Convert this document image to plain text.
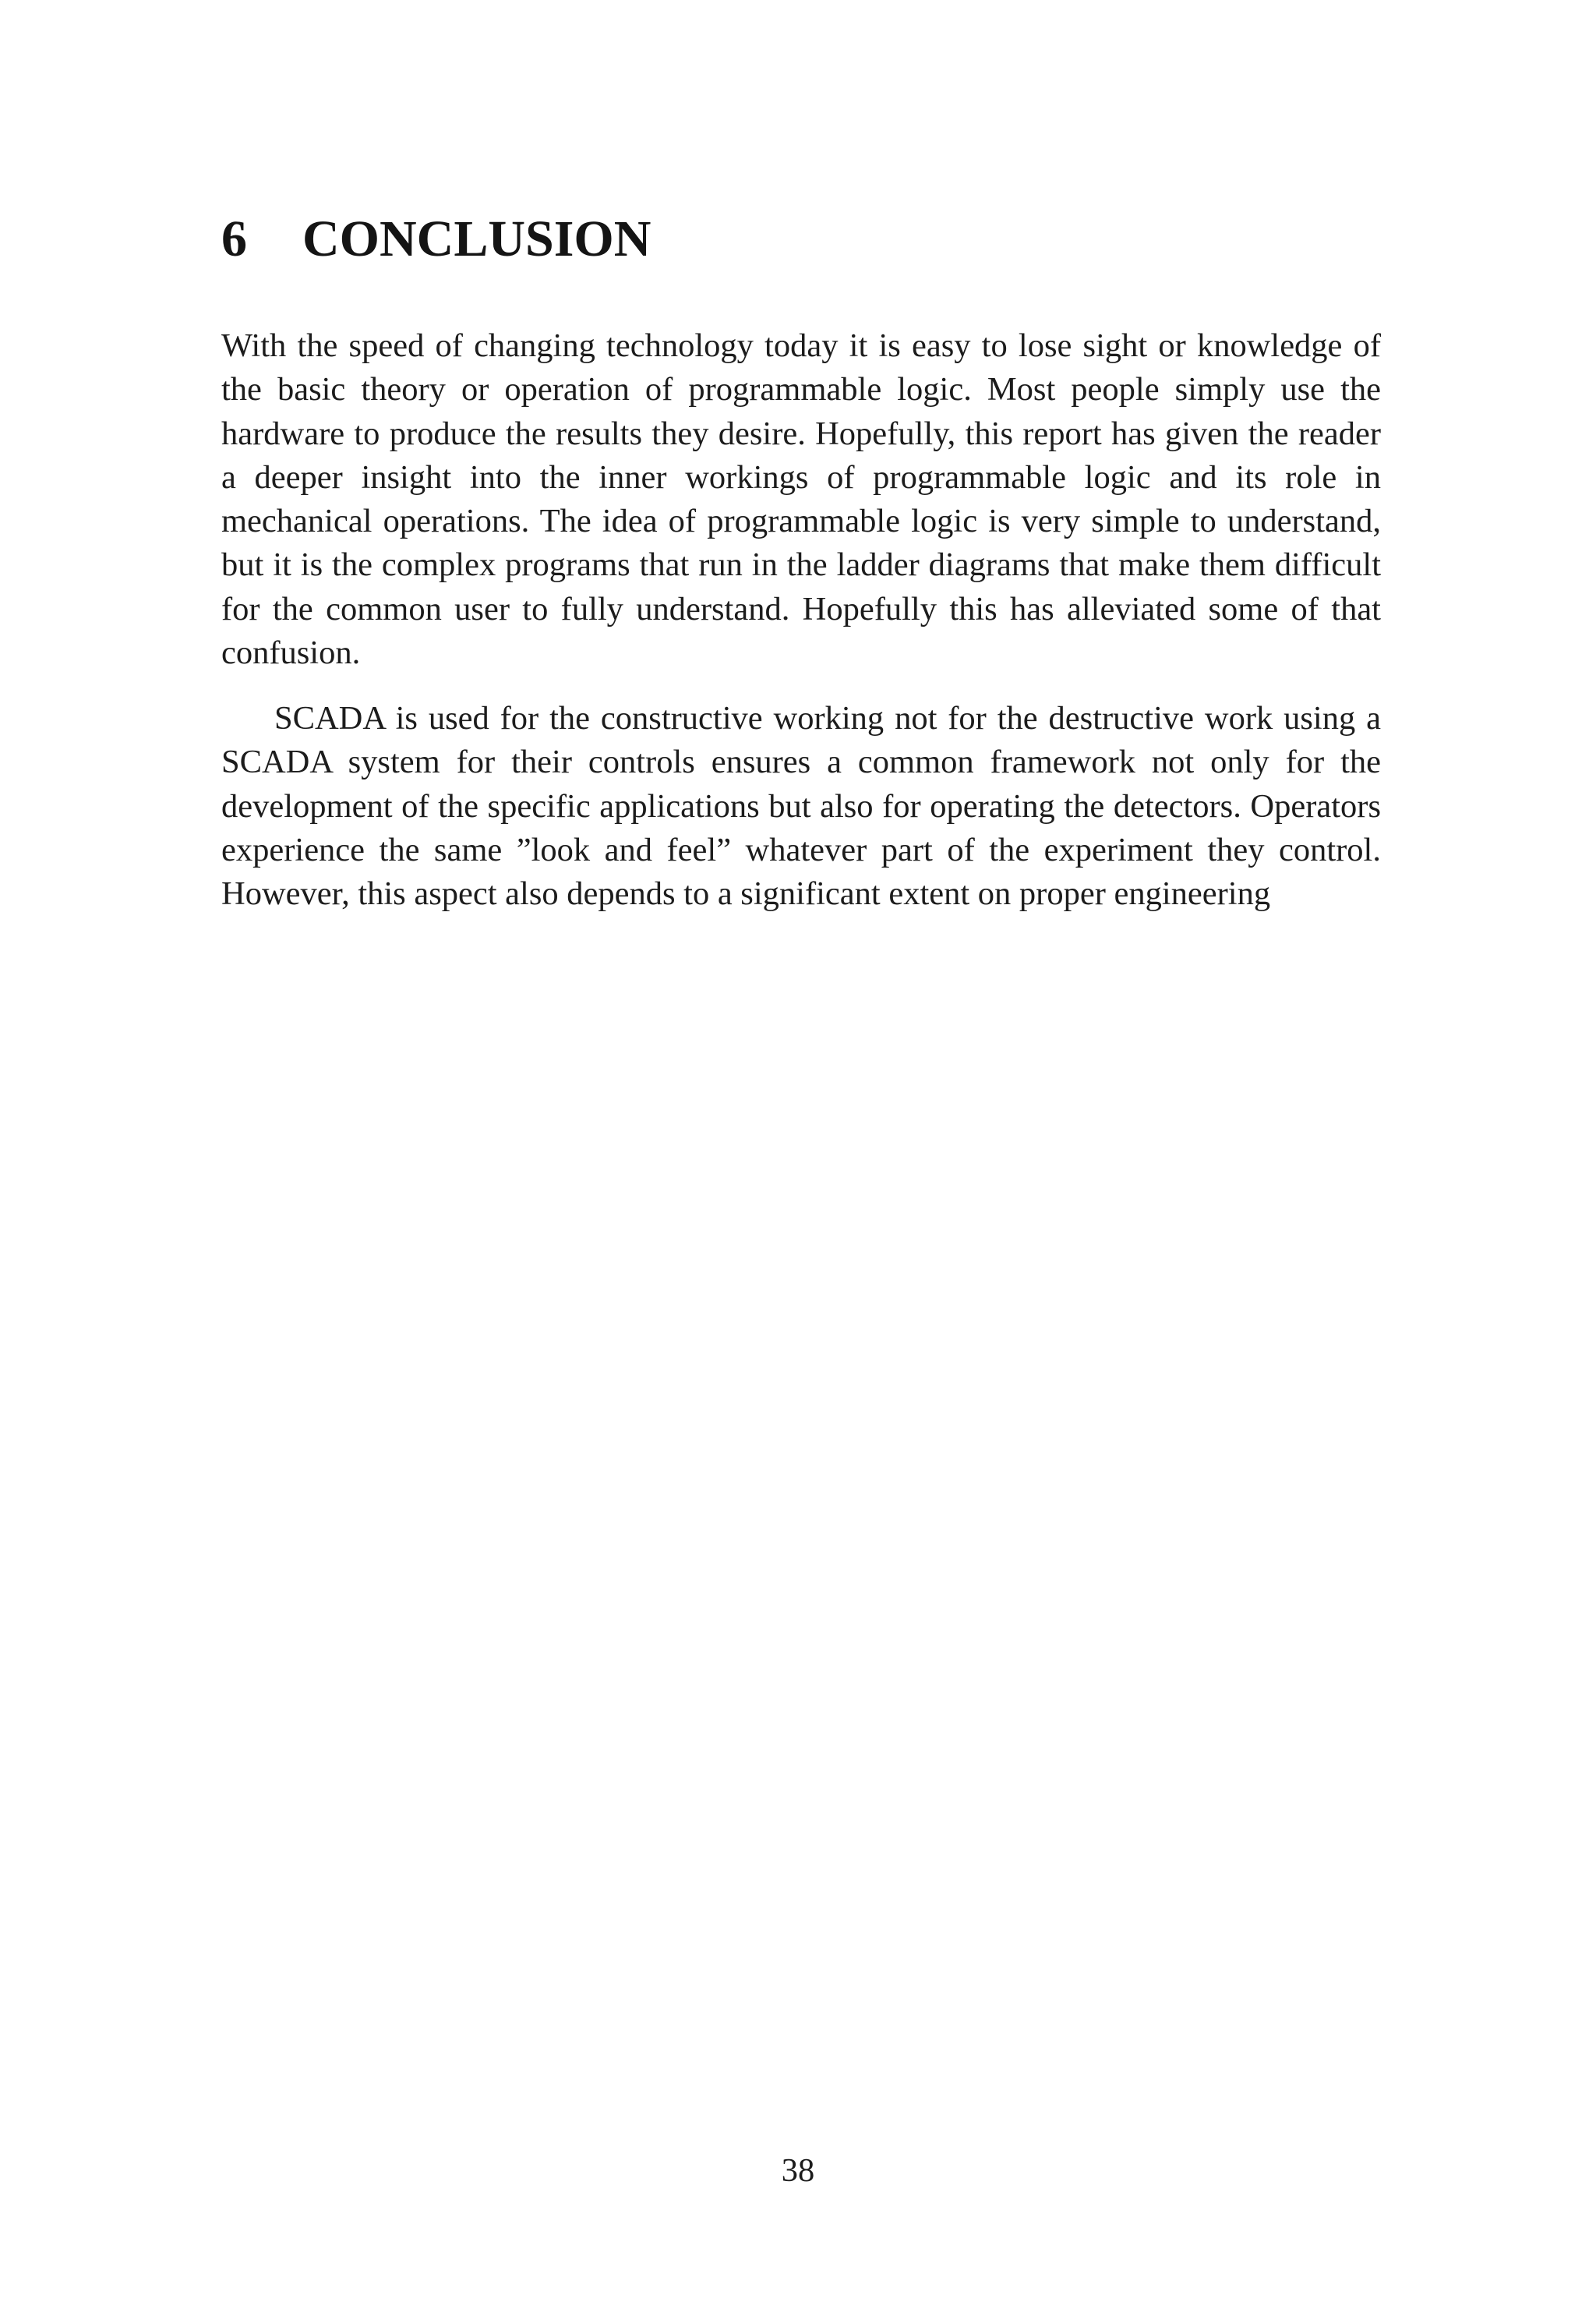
6 CONCLUSION

With the speed of changing technology today it is easy to lose sight or knowledge of the basic theory or operation of programmable logic. Most people simply use the hardware to produce the results they desire. Hopefully, this report has given the reader a deeper insight into the inner workings of programmable logic and its role in mechanical operations. The idea of programmable logic is very simple to understand, but it is the complex programs that run in the ladder diagrams that make them difficult for the common user to fully understand. Hopefully this has alleviated some of that confusion.

SCADA is used for the constructive working not for the destructive work using a SCADA system for their controls ensures a common framework not only for the development of the specific applications but also for operating the detectors. Operators experience the same ”look and feel” whatever part of the experiment they control. However, this aspect also depends to a significant extent on proper engineering

38
